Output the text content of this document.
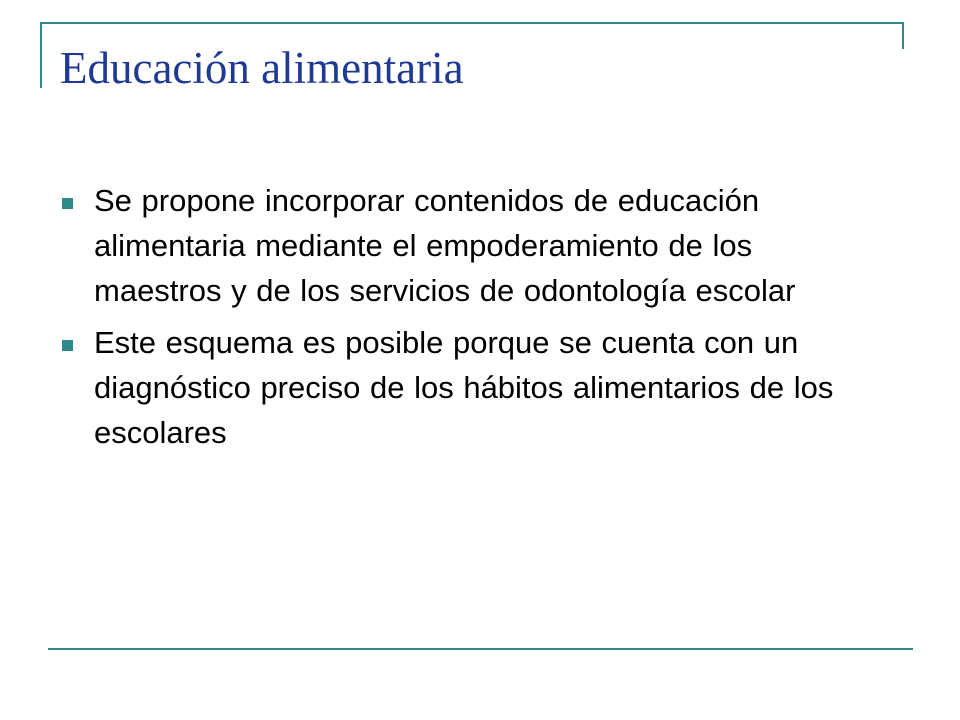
Educación alimentaria
Se propone incorporar contenidos de educación alimentaria mediante el empoderamiento de los maestros y de los servicios de odontología escolar
Este esquema es posible porque se cuenta con un diagnóstico preciso de los hábitos alimentarios de los escolares
